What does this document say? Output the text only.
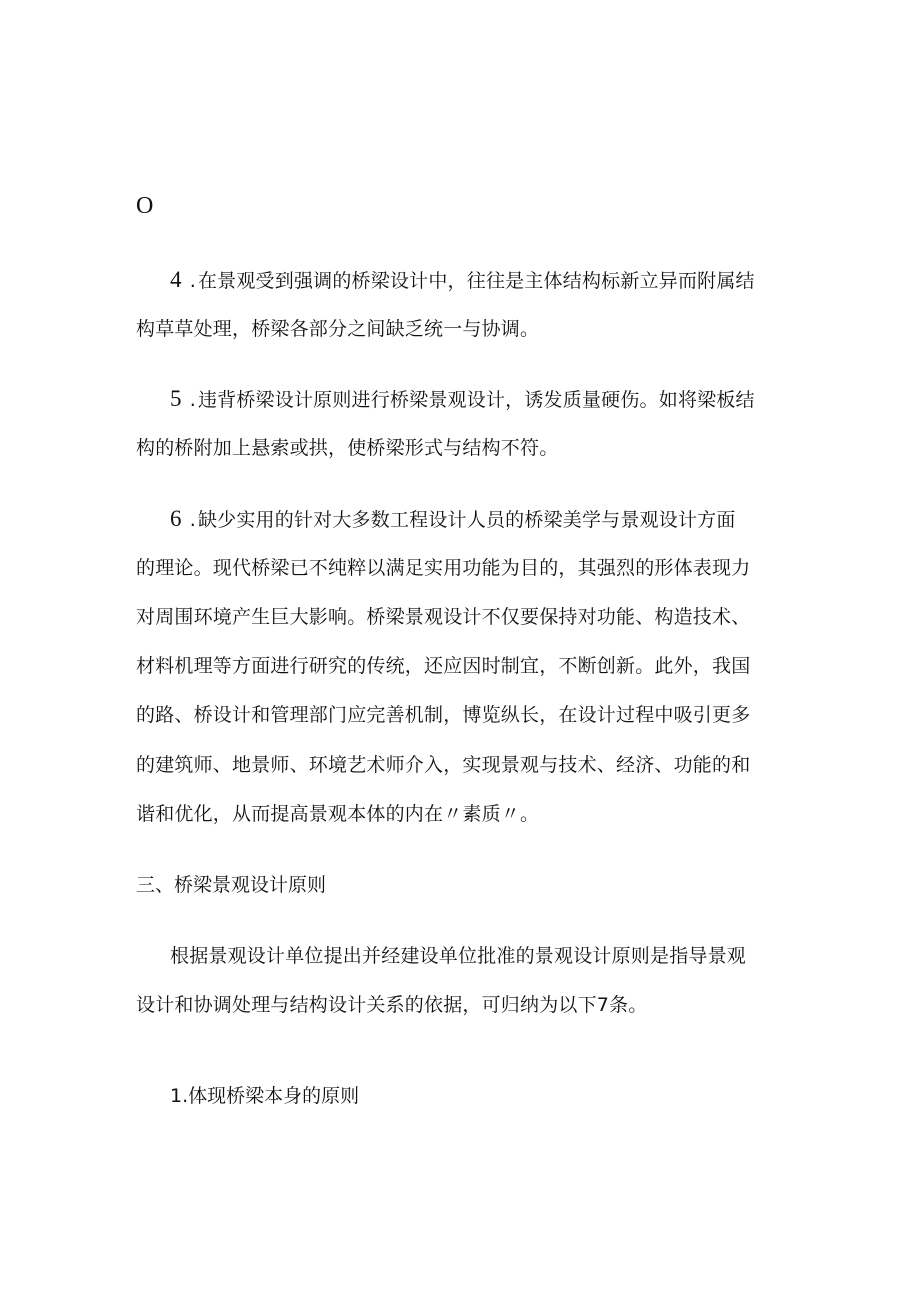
O
4 . 在景观受到强调的桥梁设计中，往往是主体结构标新立异而附属结
构草草处理，桥梁各部分之间缺乏统一与协调。
5 . 违背桥梁设计原则进行桥梁景观设计，诱发质量硬伤。如将梁板结
构的桥附加上悬索或拱，使桥梁形式与结构不符。
6 . 缺少实用的针对大多数工程设计人员的桥梁美学与景观设计方面
的理论。现代桥梁已不纯粹以满足实用功能为目的，其强烈的形体表现力
对周围环境产生巨大影响。桥梁景观设计不仅要保持对功能、构造技术、
材料机理等方面进行研究的传统，还应因时制宜，不断创新。此外，我国
的路、桥设计和管理部门应完善机制，博览纵长，在设计过程中吸引更多
的建筑师、地景师、环境艺术师介入，实现景观与技术、经济、功能的和
谐和优化，从而提高景观本体的内在〃素质〃。
三、桥梁景观设计原则
根据景观设计单位提出并经建设单位批准的景观设计原则是指导景观
设计和协调处理与结构设计关系的依据，可归纳为以下7条。
1.体现桥梁本身的原则
